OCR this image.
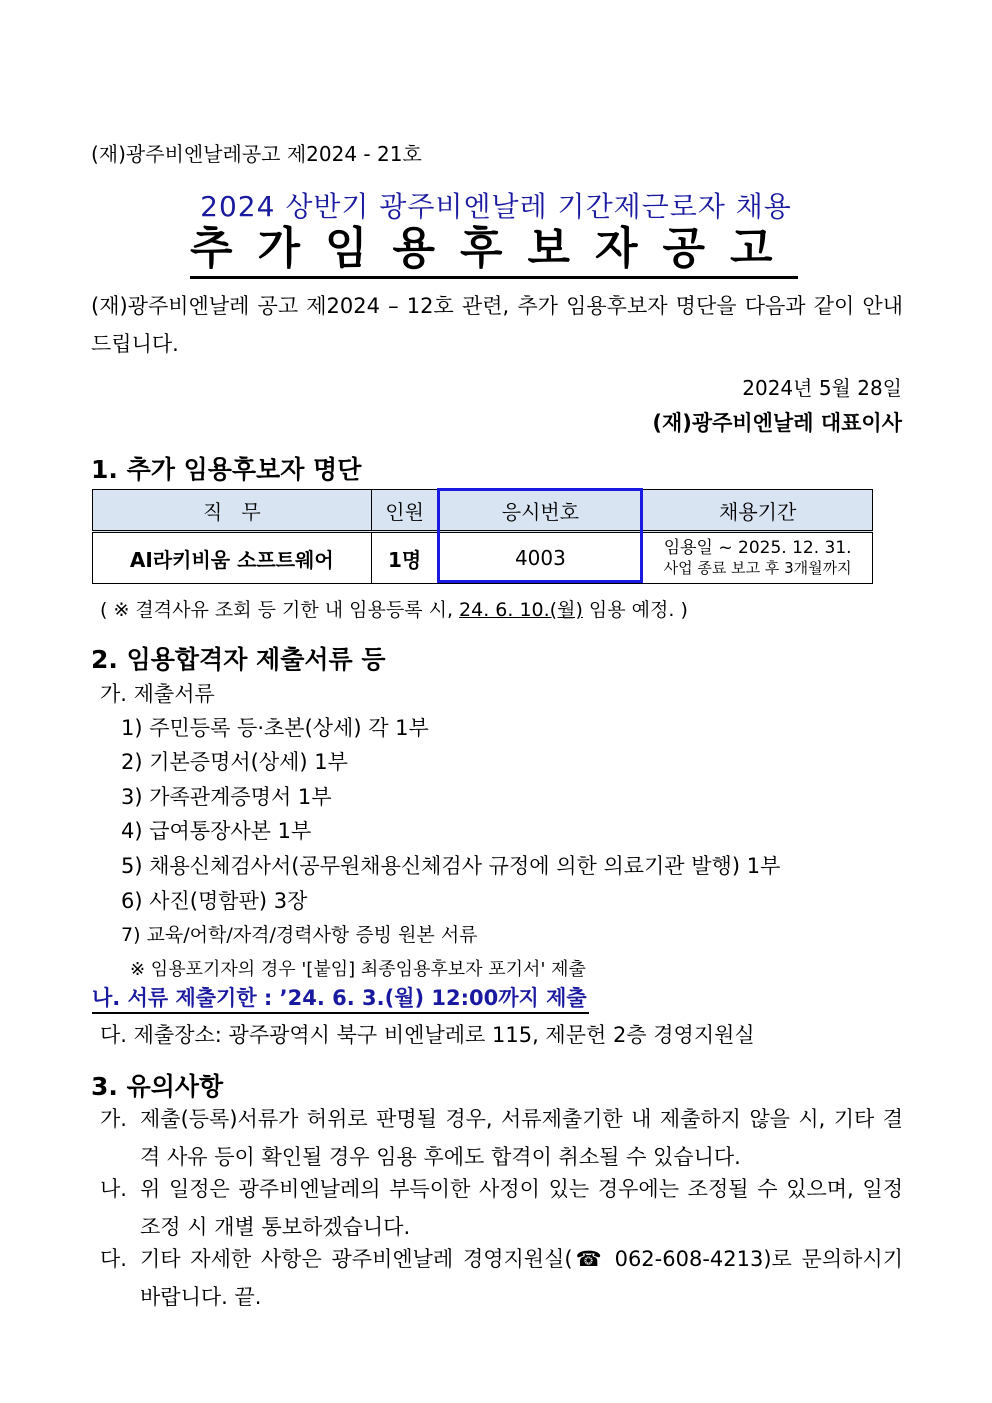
(재)광주비엔날레공고 제2024 - 21호
2024 상반기 광주비엔날레 기간제근로자 채용
추가임용후보자공고
(재)광주비엔날레 공고 제2024 – 12호 관련, 추가 임용후보자 명단을 다음과 같이 안내드립니다.
2024년 5월 28일
(재)광주비엔날레 대표이사
1. 추가 임용후보자 명단
직   무	인원	응시번호	채용기간
AI라키비움 소프트웨어	1명	4003	임용일 ~ 2025. 12. 31.
사업 종료 보고 후 3개월까지
( ※ 결격사유 조회 등 기한 내 임용등록 시, 24. 6. 10.(월) 임용 예정. )
2. 임용합격자 제출서류 등
가. 제출서류
1) 주민등록 등·초본(상세) 각 1부
2) 기본증명서(상세) 1부
3) 가족관계증명서 1부
4) 급여통장사본 1부
5) 채용신체검사서(공무원채용신체검사 규정에 의한 의료기관 발행) 1부
6) 사진(명함판) 3장
7) 교육/어학/자격/경력사항 증빙 원본 서류
※ 임용포기자의 경우 '[붙임] 최종임용후보자 포기서' 제출
나. 서류 제출기한 : ’24. 6. 3.(월) 12:00까지 제출
다. 제출장소: 광주광역시 북구 비엔날레로 115, 제문헌 2층 경영지원실
3. 유의사항
가. 제출(등록)서류가 허위로 판명될 경우, 서류제출기한 내 제출하지 않을 시, 기타 결격 사유 등이 확인될 경우 임용 후에도 합격이 취소될 수 있습니다.
나. 위 일정은 광주비엔날레의 부득이한 사정이 있는 경우에는 조정될 수 있으며, 일정 조정 시 개별 통보하겠습니다.
다. 기타 자세한 사항은 광주비엔날레 경영지원실(☎ 062-608-4213)로 문의하시기 바랍니다. 끝.
